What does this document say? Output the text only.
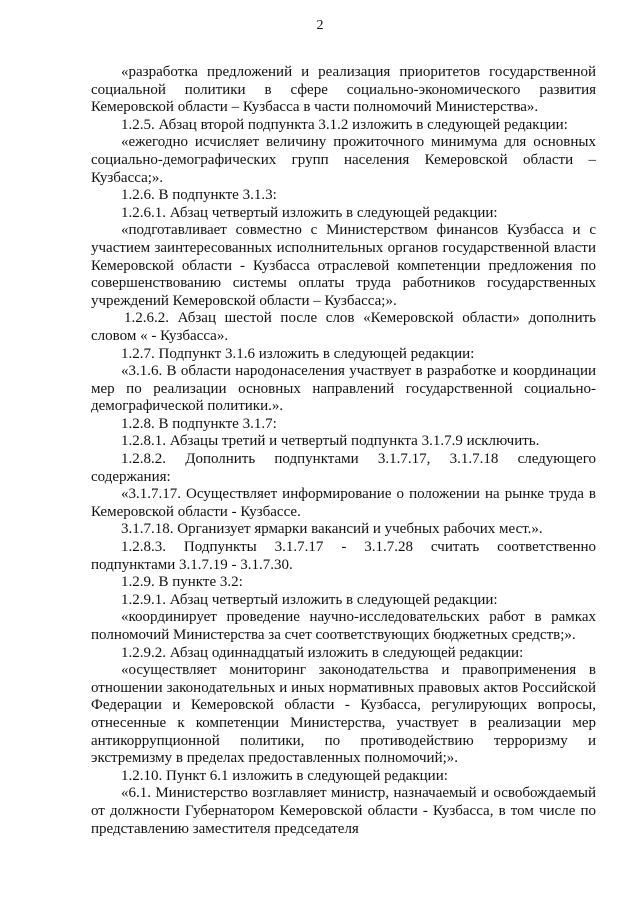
2

«разработка предложений и реализация приоритетов государственной социальной политики в сфере социально-экономического развития Кемеровской области – Кузбасса в части полномочий Министерства».

1.2.5. Абзац второй подпункта 3.1.2 изложить в следующей редакции:

«ежегодно исчисляет величину прожиточного минимума для основных социально-демографических групп населения Кемеровской области – Кузбасса;».

1.2.6. В подпункте 3.1.3:

1.2.6.1. Абзац четвертый изложить в следующей редакции:

«подготавливает совместно с Министерством финансов Кузбасса и с участием заинтересованных исполнительных органов государственной власти Кемеровской области - Кузбасса отраслевой компетенции предложения по совершенствованию системы оплаты труда работников государственных учреждений Кемеровской области – Кузбасса;».

1.2.6.2. Абзац шестой после слов «Кемеровской области» дополнить словом « - Кузбасса».

1.2.7. Подпункт 3.1.6 изложить в следующей редакции:

«3.1.6. В области народонаселения участвует в разработке и координации мер по реализации основных направлений государственной социально-демографической политики.».

1.2.8. В подпункте 3.1.7:

1.2.8.1. Абзацы третий и четвертый подпункта 3.1.7.9 исключить.

1.2.8.2. Дополнить подпунктами 3.1.7.17, 3.1.7.18 следующего содержания:

«3.1.7.17. Осуществляет информирование о положении на рынке труда в Кемеровской области - Кузбассе.

3.1.7.18. Организует ярмарки вакансий и учебных рабочих мест.».

1.2.8.3. Подпункты 3.1.7.17 - 3.1.7.28 считать соответственно подпунктами 3.1.7.19 - 3.1.7.30.

1.2.9. В пункте 3.2:

1.2.9.1. Абзац четвертый изложить в следующей редакции:

«координирует проведение научно-исследовательских работ в рамках полномочий Министерства за счет соответствующих бюджетных средств;».

1.2.9.2. Абзац одиннадцатый изложить в следующей редакции:

«осуществляет мониторинг законодательства и правоприменения в отношении законодательных и иных нормативных правовых актов Российской Федерации и Кемеровской области - Кузбасса, регулирующих вопросы, отнесенные к компетенции Министерства, участвует в реализации мер антикоррупционной политики, по противодействию терроризму и экстремизму в пределах предоставленных полномочий;».

1.2.10. Пункт 6.1 изложить в следующей редакции:

«6.1. Министерство возглавляет министр, назначаемый и освобождаемый от должности Губернатором Кемеровской области - Кузбасса, в том числе по представлению заместителя председателя
